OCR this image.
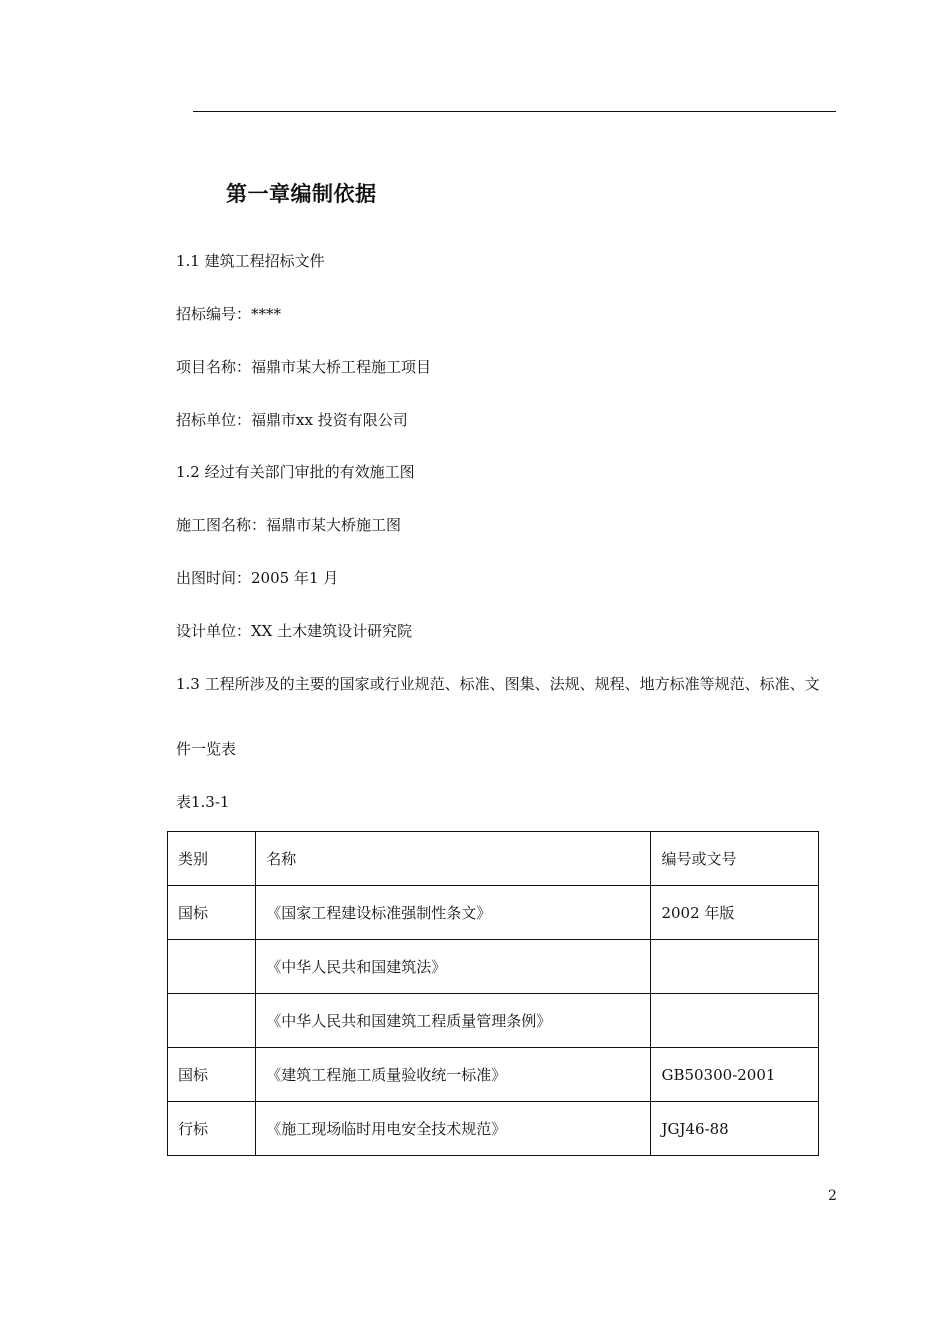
第一章编制依据
1.1 建筑工程招标文件
招标编号：****
项目名称：福鼎市某大桥工程施工项目
招标单位：福鼎市xx 投资有限公司
1.2 经过有关部门审批的有效施工图
施工图名称：福鼎市某大桥施工图
出图时间：2005 年1 月
设计单位：XX 土木建筑设计研究院
1.3 工程所涉及的主要的国家或行业规范、标准、图集、法规、规程、地方标准等规范、标准、文
件一览表
表1.3-1
类别	名称	编号或文号
国标	《国家工程建设标准强制性条文》	2002 年版
	《中华人民共和国建筑法》	
	《中华人民共和国建筑工程质量管理条例》	
国标	《建筑工程施工质量验收统一标准》	GB50300-2001
行标	《施工现场临时用电安全技术规范》	JGJ46-88
2
